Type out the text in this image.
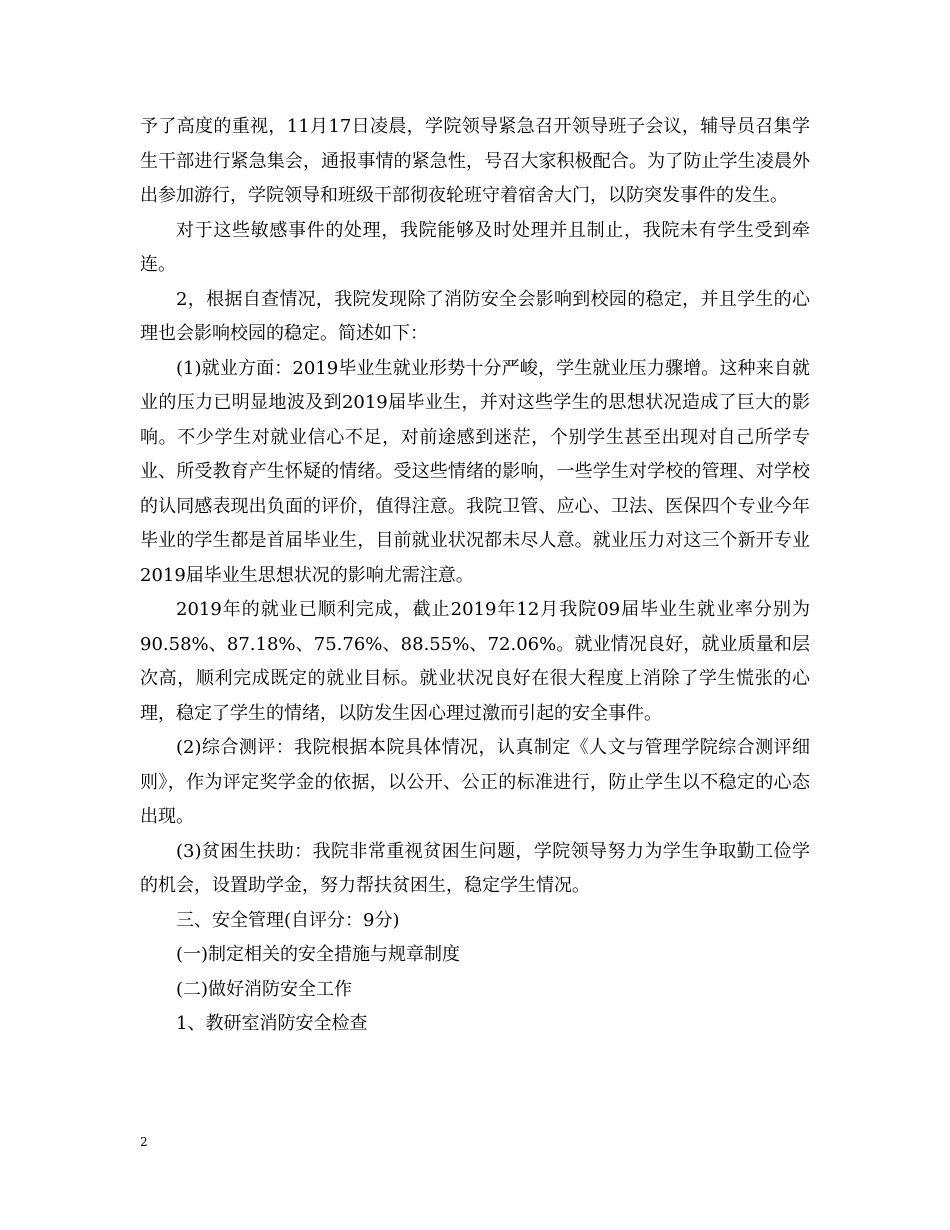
予了高度的重视，11月17日凌晨，学院领导紧急召开领导班子会议，辅导员召集学生干部进行紧急集会，通报事情的紧急性，号召大家积极配合。为了防止学生凌晨外出参加游行，学院领导和班级干部彻夜轮班守着宿舍大门，以防突发事件的发生。

对于这些敏感事件的处理，我院能够及时处理并且制止，我院未有学生受到牵连。

2，根据自查情况，我院发现除了消防安全会影响到校园的稳定，并且学生的心理也会影响校园的稳定。简述如下：

(1)就业方面：2019毕业生就业形势十分严峻，学生就业压力骤增。这种来自就业的压力已明显地波及到2019届毕业生，并对这些学生的思想状况造成了巨大的影响。不少学生对就业信心不足，对前途感到迷茫，个别学生甚至出现对自己所学专业、所受教育产生怀疑的情绪。受这些情绪的影响，一些学生对学校的管理、对学校的认同感表现出负面的评价，值得注意。我院卫管、应心、卫法、医保四个专业今年毕业的学生都是首届毕业生，目前就业状况都未尽人意。就业压力对这三个新开专业2019届毕业生思想状况的影响尤需注意。

2019年的就业已顺利完成，截止2019年12月我院09届毕业生就业率分别为90.58%、87.18%、75.76%、88.55%、72.06%。就业情况良好，就业质量和层次高，顺利完成既定的就业目标。就业状况良好在很大程度上消除了学生慌张的心理，稳定了学生的情绪，以防发生因心理过激而引起的安全事件。

(2)综合测评：我院根据本院具体情况，认真制定《人文与管理学院综合测评细则》，作为评定奖学金的依据，以公开、公正的标准进行，防止学生以不稳定的心态出现。

(3)贫困生扶助：我院非常重视贫困生问题，学院领导努力为学生争取勤工俭学的机会，设置助学金，努力帮扶贫困生，稳定学生情况。

三、安全管理(自评分：9分)

(一)制定相关的安全措施与规章制度

(二)做好消防安全工作

1、教研室消防安全检查

2
